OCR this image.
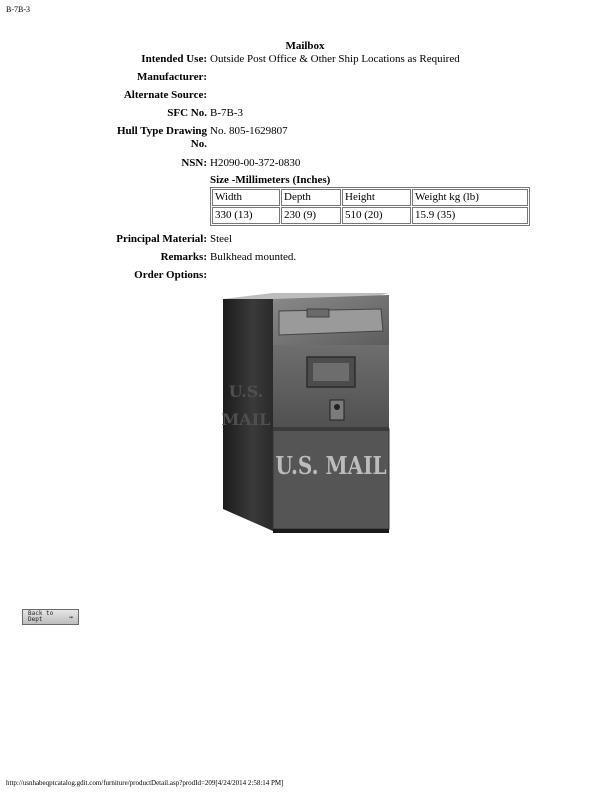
B-7B-3
Mailbox
Intended Use: Outside Post Office & Other Ship Locations as Required
Manufacturer:
Alternate Source:
SFC No. B-7B-3
Hull Type Drawing
No.
No. 805-1629807
NSN: H2090-00-372-0830
Size -Millimeters (Inches)
Width	Depth	Height	Weight kg (lb)
330 (13)	230 (9)	510 (20)	15.9 (35)
Principal Material: Steel
Remarks: Bulkhead mounted.
Order Options:
U.S. MAIL
U.S.
MAIL
Back to
Dept	→
http://usnhabeqptcatalog.gdit.com/furniture/productDetail.asp?prodId=209[4/24/2014 2:58:14 PM]
